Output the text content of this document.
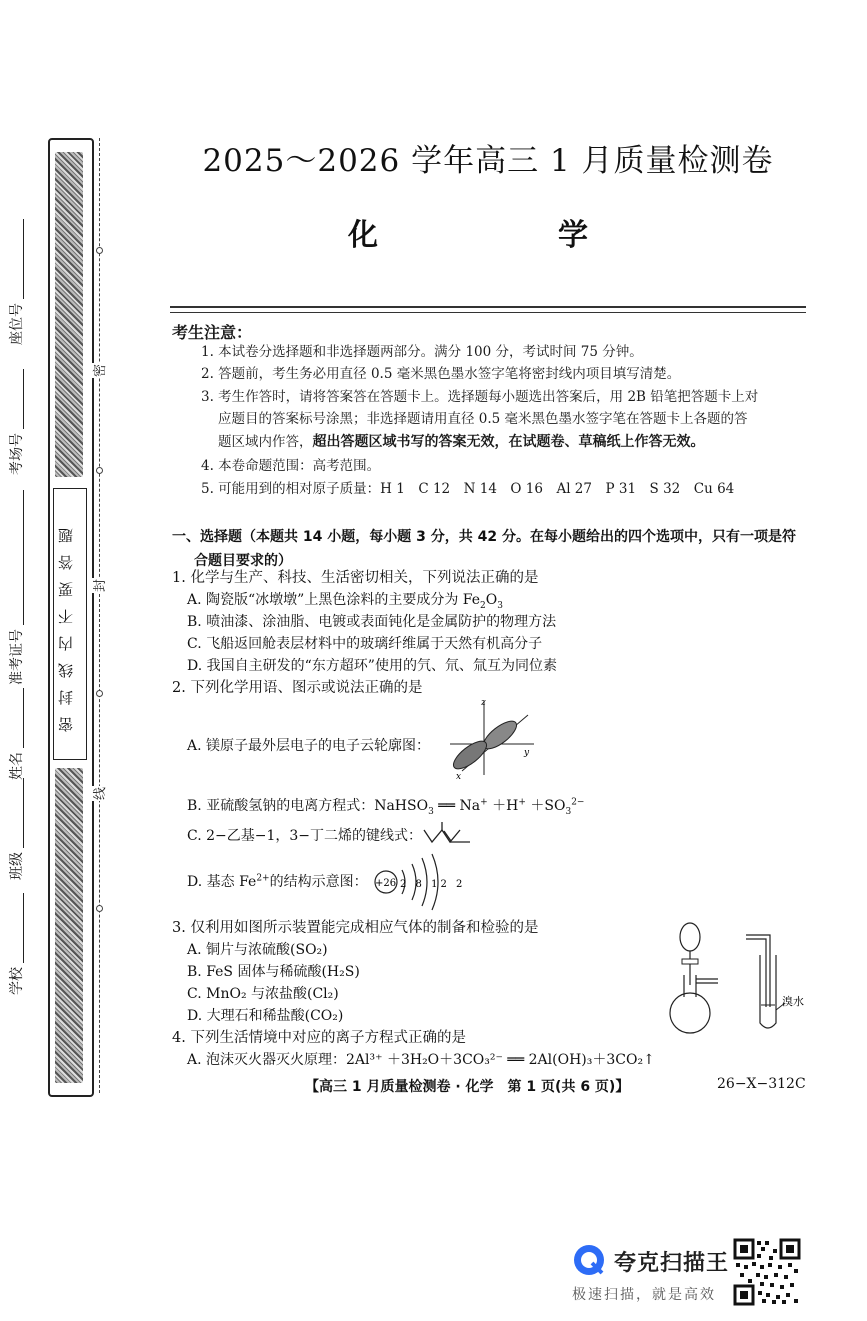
密封线内不要答题
密
封
线
学校
班级
姓名
准考证号
考场号
座位号
2025～2026 学年高三 1 月质量检测卷
化　　学
考生注意：
1. 本试卷分选择题和非选择题两部分。满分 100 分，考试时间 75 分钟。
2. 答题前，考生务必用直径 0.5 毫米黑色墨水签字笔将密封线内项目填写清楚。
3. 考生作答时，请将答案答在答题卡上。选择题每小题选出答案后，用 2B 铅笔把答题卡上对
应题目的答案标号涂黑；非选择题请用直径 0.5 毫米黑色墨水签字笔在答题卡上各题的答
题区域内作答，超出答题区域书写的答案无效，在试题卷、草稿纸上作答无效。
4. 本卷命题范围：高考范围。
5. 可能用到的相对原子质量：H 1　C 12　N 14　O 16　Al 27　P 31　S 32　Cu 64
一、选择题（本题共 14 小题，每小题 3 分，共 42 分。在每小题给出的四个选项中，只有一项是符
合题目要求的）
1. 化学与生产、科技、生活密切相关，下列说法正确的是
A. 陶瓷版“冰墩墩”上黑色涂料的主要成分为 $Fe_2O_3$
B. 喷油漆、涂油脂、电镀或表面钝化是金属防护的物理方法
C. 飞船返回舱表层材料中的玻璃纤维属于天然有机高分子
D. 我国自主研发的“东方超环”使用的氕、氘、氚互为同位素
2. 下列化学用语、图示或说法正确的是
A. 镁原子最外层电子的电子云轮廓图：
z
y
x
B. 亚硫酸氢钠的电离方程式：NaHSO$_3$ ══ $Na^+ +H^+ +SO_3^{2-}$
C. 2−乙基−1，3−丁二烯的键线式：
D. 基态 $Fe^{2+}$的结构示意图： +26 2 8 12 2
3. 仅利用如图所示装置能完成相应气体的制备和检验的是
A. 铜片与浓硫酸(SO₂)
B. FeS 固体与稀硫酸(H₂S)
C. MnO₂ 与浓盐酸(Cl₂)
D. 大理石和稀盐酸(CO₂)
溴水
4. 下列生活情境中对应的离子方程式正确的是
A. 泡沫灭火器灭火原理：2Al³⁺ ＋3H₂O＋3CO₃²⁻ ══ 2Al(OH)₃＋3CO₂↑
【高三 1 月质量检测卷 · 化学　第 1 页(共 6 页)】	26−X−312C
夸克扫描王
极速扫描，就是高效
